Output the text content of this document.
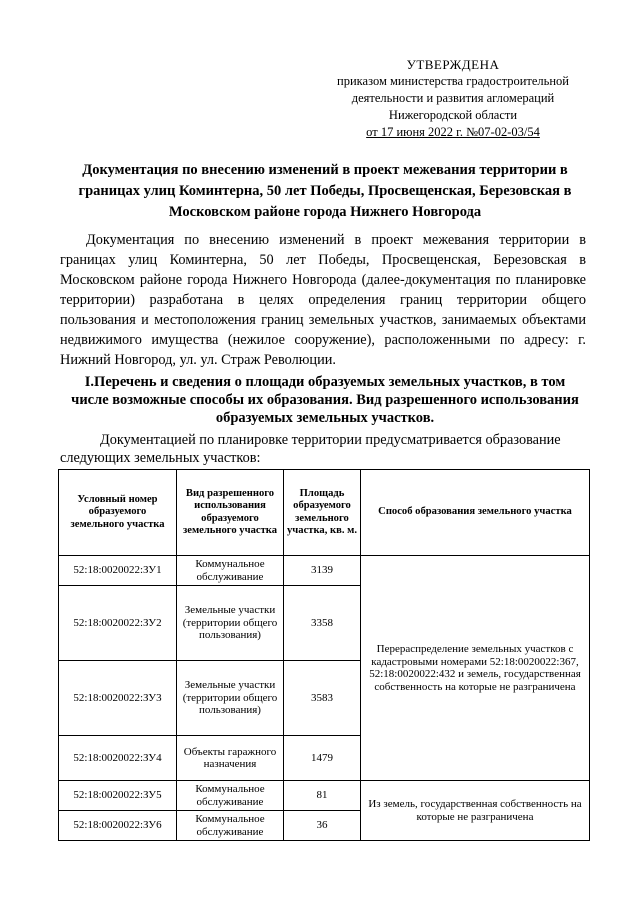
УТВЕРЖДЕНА
приказом министерства градостроительной
деятельности и развития агломераций
Нижегородской области
от 17 июня 2022 г. №07-02-03/54
Документация по внесению изменений в проект межевания территории в границах улиц Коминтерна, 50 лет Победы, Просвещенская, Березовская в Московском районе города Нижнего Новгорода
Документация по внесению изменений в проект межевания территории в границах улиц Коминтерна, 50 лет Победы, Просвещенская, Березовская в Московском районе города Нижнего Новгорода (далее-документация по планировке территории) разработана в целях определения границ территории общего пользования и местоположения границ земельных участков, занимаемых объектами недвижимого имущества (нежилое сооружение), расположенными по адресу: г. Нижний Новгород, ул. ул. Страж Революции.
I.Перечень и сведения о площади образуемых земельных участков, в том числе возможные способы их образования. Вид разрешенного использования образуемых земельных участков.
Документацией по планировке территории предусматривается образование следующих земельных участков:
Условный номер образуемого земельного участка	Вид разрешенного использования образуемого земельного участка	Площадь образуемого земельного участка, кв. м.	Способ образования земельного участка
52:18:0020022:ЗУ1	Коммунальное обслуживание	3139	Перераспределение земельных участков с кадастровыми номерами 52:18:0020022:367, 52:18:0020022:432 и земель, государственная собственность на которые не разграничена
52:18:0020022:ЗУ2	Земельные участки (территории общего пользования)	3358	
52:18:0020022:ЗУ3	Земельные участки (территории общего пользования)	3583	
52:18:0020022:ЗУ4	Объекты гаражного назначения	1479	
52:18:0020022:ЗУ5	Коммунальное обслуживание	81	Из земель, государственная собственность на которые не разграничена
52:18:0020022:ЗУ6	Коммунальное обслуживание	36	
